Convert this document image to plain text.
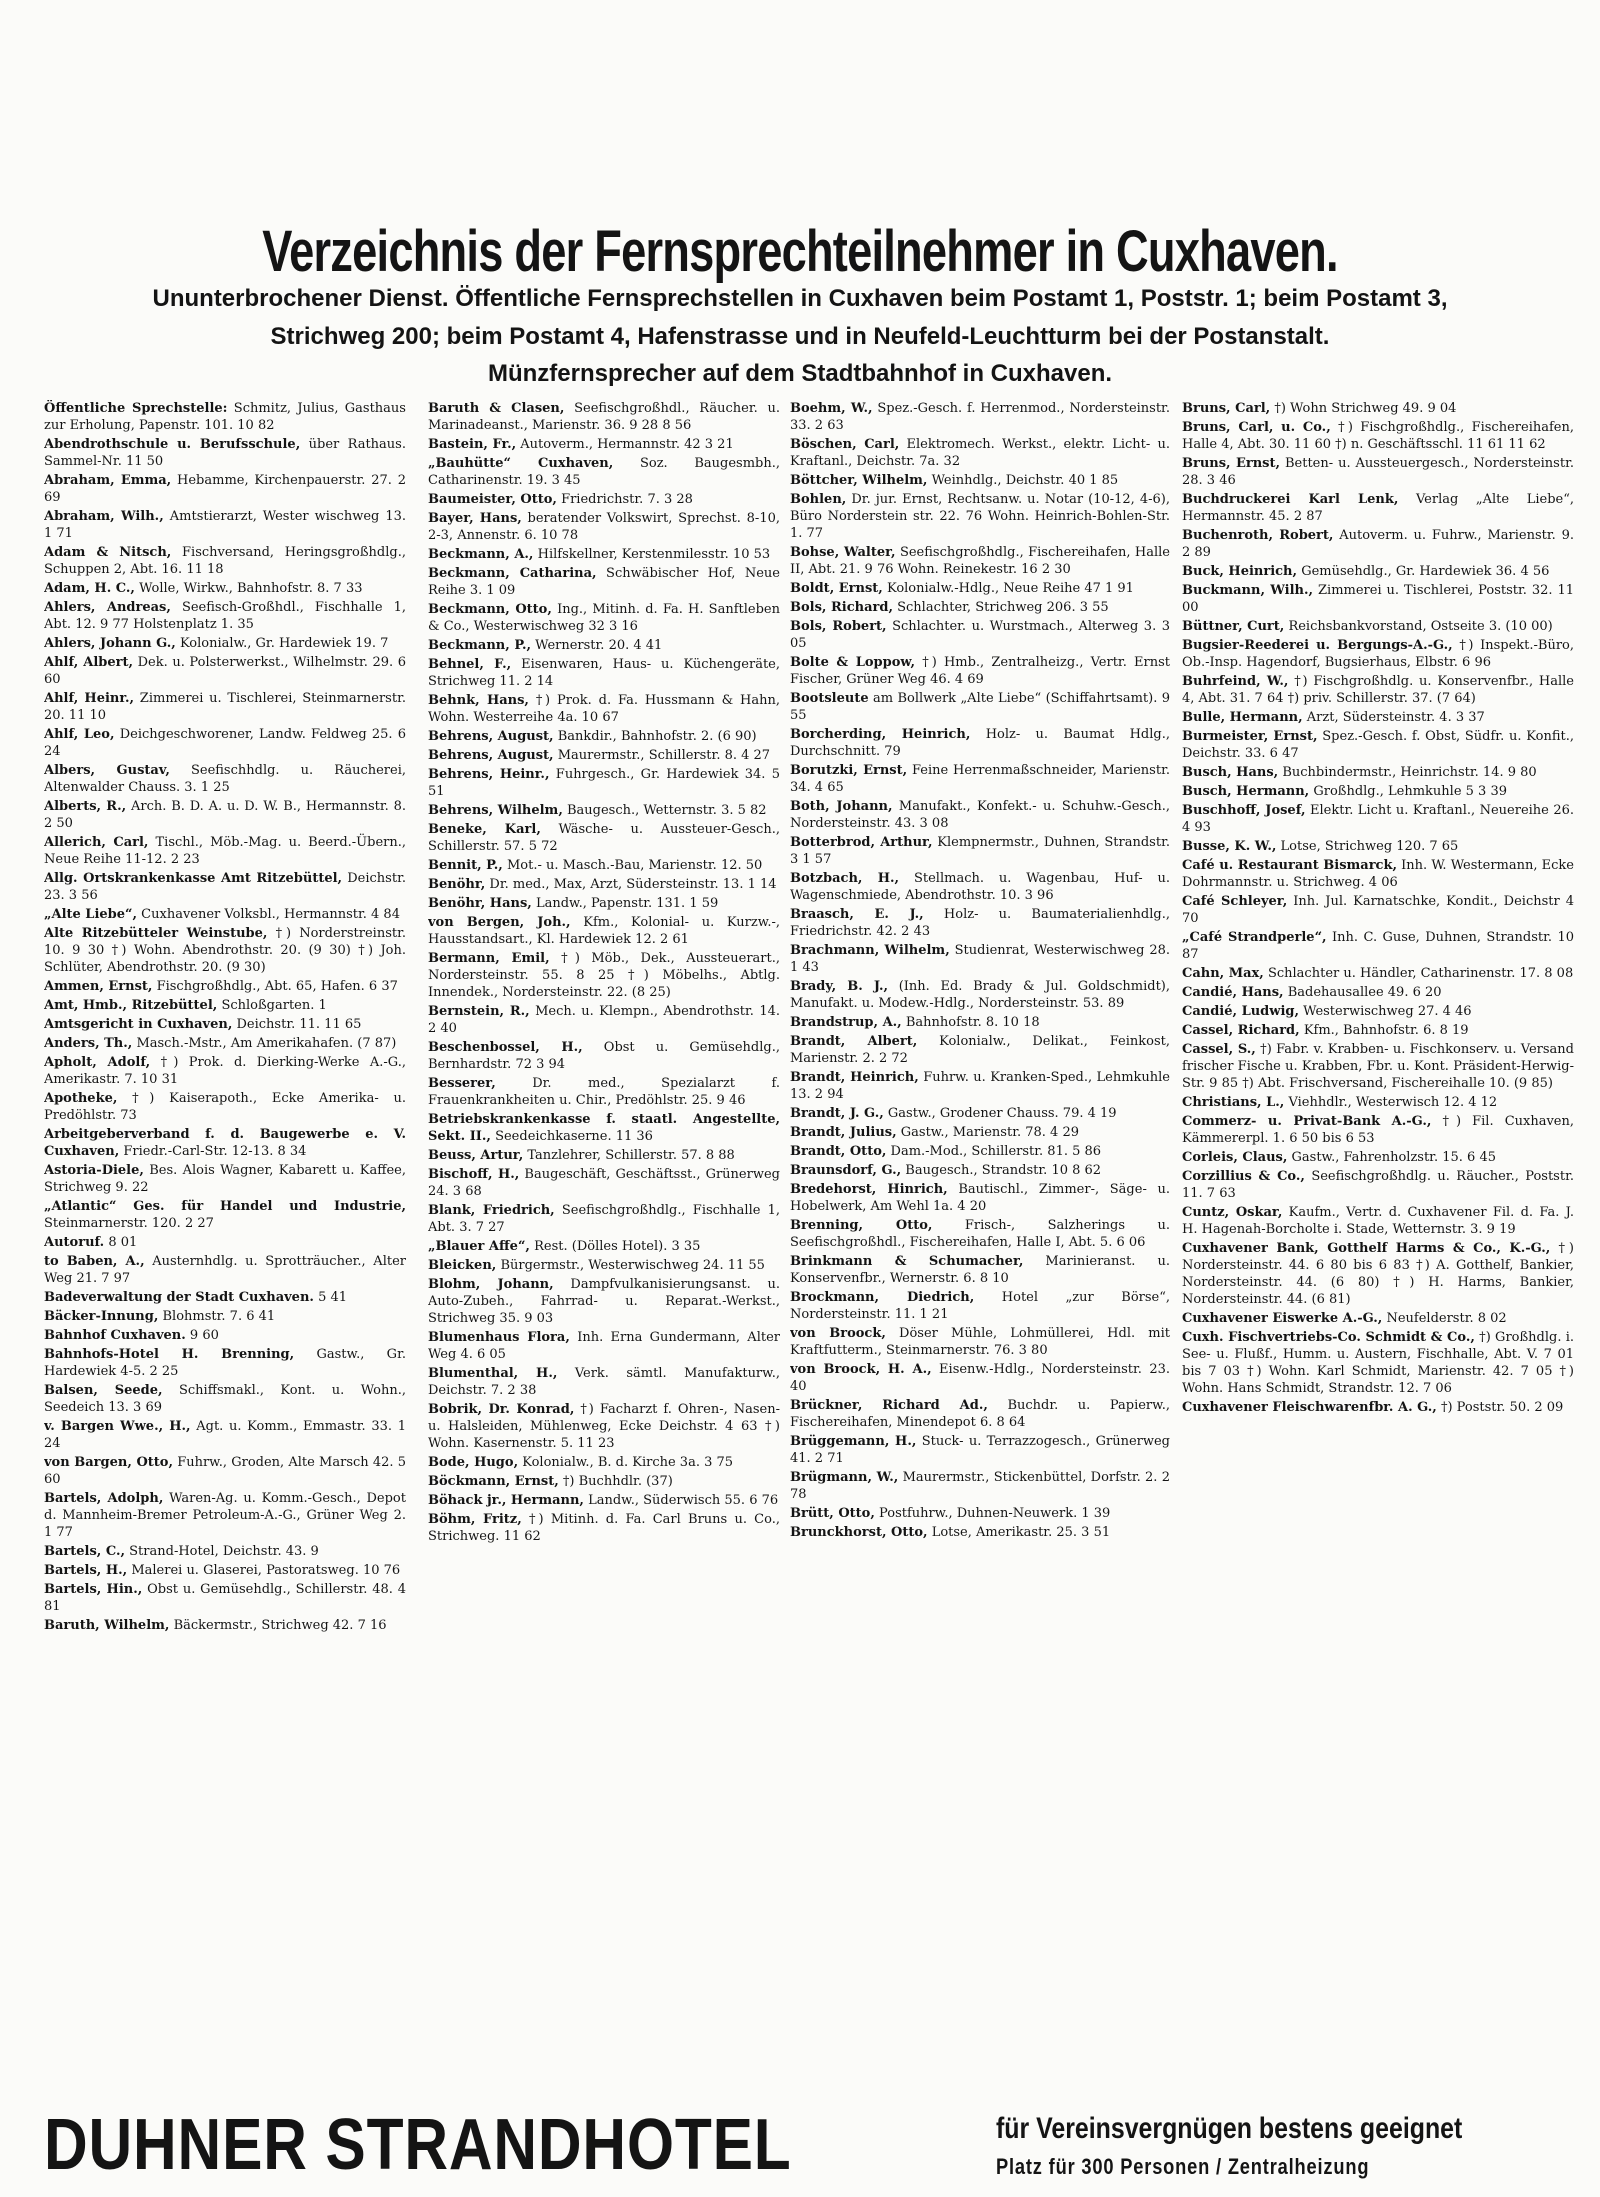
Verzeichnis der Fernsprechteilnehmer in Cuxhaven.
Ununterbrochener Dienst. Öffentliche Fernsprechstellen in Cuxhaven beim Postamt 1, Poststr. 1; beim Postamt 3,
Strichweg 200; beim Postamt 4, Hafenstrasse und in Neufeld-Leuchtturm bei der Postanstalt.
Münzfernsprecher auf dem Stadtbahnhof in Cuxhaven.

Öffentliche Sprechstelle: Schmitz, Julius, Gasthaus zur Erholung, Papenstr. 101. 10 82

Abendrothschule u. Berufsschule, über Rathaus. Sammel-Nr. 11 50

Abraham, Emma, Hebamme, Kirchenpauerstr. 27. 2 69

Abraham, Wilh., Amtstierarzt, Wester wischweg 13. 1 71

Adam & Nitsch, Fischversand, Heringsgroßhdlg., Schuppen 2, Abt. 16. 11 18

Adam, H. C., Wolle, Wirkw., Bahnhofstr. 8. 7 33

Ahlers, Andreas, Seefisch-Großhdl., Fischhalle 1, Abt. 12. 9 77 Holstenplatz 1. 35

Ahlers, Johann G., Kolonialw., Gr. Hardewiek 19. 7

Ahlf, Albert, Dek. u. Polsterwerkst., Wilhelmstr. 29. 6 60

Ahlf, Heinr., Zimmerei u. Tischlerei, Steinmarnerstr. 20. 11 10

Ahlf, Leo, Deichgeschworener, Landw. Feldweg 25. 6 24

Albers, Gustav, Seefischhdlg. u. Räucherei, Altenwalder Chauss. 3. 1 25

Alberts, R., Arch. B. D. A. u. D. W. B., Hermannstr. 8. 2 50

Allerich, Carl, Tischl., Möb.-Mag. u. Beerd.-Übern., Neue Reihe 11-12. 2 23

Allg. Ortskrankenkasse Amt Ritzebüttel, Deichstr. 23. 3 56

„Alte Liebe“, Cuxhavener Volksbl., Hermannstr. 4 84

Alte Ritzebütteler Weinstube, †) Norderstreinstr. 10. 9 30 †) Wohn. Abendrothstr. 20. (9 30) †) Joh. Schlüter, Abendrothstr. 20. (9 30)

Ammen, Ernst, Fischgroßhdlg., Abt. 65, Hafen. 6 37

Amt, Hmb., Ritzebüttel, Schloßgarten. 1

Amtsgericht in Cuxhaven, Deichstr. 11. 11 65

Anders, Th., Masch.-Mstr., Am Amerikahafen. (7 87)

Apholt, Adolf, †) Prok. d. Dierking-Werke A.-G., Amerikastr. 7. 10 31

Apotheke, †) Kaiserapoth., Ecke Amerika- u. Predöhlstr. 73

Arbeitgeberverband f. d. Baugewerbe e. V. Cuxhaven, Friedr.-Carl-Str. 12-13. 8 34

Astoria-Diele, Bes. Alois Wagner, Kabarett u. Kaffee, Strichweg 9. 22

„Atlantic“ Ges. für Handel und Industrie, Steinmarnerstr. 120. 2 27

Autoruf. 8 01

to Baben, A., Austernhdlg. u. Sprotträucher., Alter Weg 21. 7 97

Badeverwaltung der Stadt Cuxhaven. 5 41

Bäcker-Innung, Blohmstr. 7. 6 41

Bahnhof Cuxhaven. 9 60

Bahnhofs-Hotel H. Brenning, Gastw., Gr. Hardewiek 4-5. 2 25

Balsen, Seede, Schiffsmakl., Kont. u. Wohn., Seedeich 13. 3 69

v. Bargen Wwe., H., Agt. u. Komm., Emmastr. 33. 1 24

von Bargen, Otto, Fuhrw., Groden, Alte Marsch 42. 5 60

Bartels, Adolph, Waren-Ag. u. Komm.-Gesch., Depot d. Mannheim-Bremer Petroleum-A.-G., Grüner Weg 2. 1 77

Bartels, C., Strand-Hotel, Deichstr. 43. 9

Bartels, H., Malerei u. Glaserei, Pastoratsweg. 10 76

Bartels, Hin., Obst u. Gemüsehdlg., Schillerstr. 48. 4 81

Baruth, Wilhelm, Bäckermstr., Strichweg 42. 7 16

Baruth & Clasen, Seefischgroßhdl., Räucher. u. Marinadeanst., Marienstr. 36. 9 28 8 56

Bastein, Fr., Autoverm., Hermannstr. 42 3 21

„Bauhütte“ Cuxhaven, Soz. Baugesmbh., Catharinenstr. 19. 3 45

Baumeister, Otto, Friedrichstr. 7. 3 28

Bayer, Hans, beratender Volkswirt, Sprechst. 8-10, 2-3, Annenstr. 6. 10 78

Beckmann, A., Hilfskellner, Kerstenmilesstr. 10 53

Beckmann, Catharina, Schwäbischer Hof, Neue Reihe 3. 1 09

Beckmann, Otto, Ing., Mitinh. d. Fa. H. Sanftleben & Co., Westerwischweg 32 3 16

Beckmann, P., Wernerstr. 20. 4 41

Behnel, F., Eisenwaren, Haus- u. Küchengeräte, Strichweg 11. 2 14

Behnk, Hans, †) Prok. d. Fa. Hussmann & Hahn, Wohn. Westerreihe 4a. 10 67

Behrens, August, Bankdir., Bahnhofstr. 2. (6 90)

Behrens, August, Maurermstr., Schillerstr. 8. 4 27

Behrens, Heinr., Fuhrgesch., Gr. Hardewiek 34. 5 51

Behrens, Wilhelm, Baugesch., Wetternstr. 3. 5 82

Beneke, Karl, Wäsche- u. Aussteuer-Gesch., Schillerstr. 57. 5 72

Bennit, P., Mot.- u. Masch.-Bau, Marienstr. 12. 50

Benöhr, Dr. med., Max, Arzt, Südersteinstr. 13. 1 14

Benöhr, Hans, Landw., Papenstr. 131. 1 59

von Bergen, Joh., Kfm., Kolonial- u. Kurzw.-, Hausstandsart., Kl. Hardewiek 12. 2 61

Bermann, Emil, †) Möb., Dek., Aussteuerart., Nordersteinstr. 55. 8 25 †) Möbelhs., Abtlg. Innendek., Nordersteinstr. 22. (8 25)

Bernstein, R., Mech. u. Klempn., Abendrothstr. 14. 2 40

Beschenbossel, H., Obst u. Gemüsehdlg., Bernhardstr. 72 3 94

Besserer,	Dr. med., Spezialarzt f. Frauenkrankheiten u. Chir., Predöhlstr. 25. 9 46

Betriebskrankenkasse f. staatl. Angestellte, Sekt. II., Seedeichkaserne. 11 36

Beuss, Artur, Tanzlehrer, Schillerstr. 57. 8 88

Bischoff, H., Baugeschäft, Geschäftsst., Grünerweg 24. 3 68

Blank, Friedrich, Seefischgroßhdlg., Fischhalle 1, Abt. 3. 7 27

„Blauer Affe“, Rest. (Dölles Hotel). 3 35

Bleicken, Bürgermstr., Westerwischweg 24. 11 55

Blohm, Johann, Dampfvulkanisierungsanst. u. Auto-Zubeh., Fahrrad- u. Reparat.-Werkst., Strichweg 35. 9 03

Blumenhaus Flora, Inh. Erna Gundermann, Alter Weg 4. 6 05

Blumenthal, H., Verk. sämtl. Manufakturw., Deichstr. 7. 2 38

Bobrik, Dr. Konrad, †) Facharzt f. Ohren-, Nasen- u. Halsleiden, Mühlenweg, Ecke Deichstr. 4 63 †) Wohn. Kasernenstr. 5. 11 23

Bode, Hugo, Kolonialw., B. d. Kirche 3a. 3 75

Böckmann, Ernst, †) Buchhdlr. (37)

Böhack jr., Hermann, Landw., Süderwisch 55. 6 76

Böhm, Fritz, †) Mitinh. d. Fa. Carl Bruns u. Co., Strichweg. 11 62

Boehm, W., Spez.-Gesch. f. Herrenmod., Nordersteinstr. 33. 2 63

Böschen, Carl, Elektromech. Werkst., elektr. Licht- u. Kraftanl., Deichstr. 7a. 32

Böttcher, Wilhelm, Weinhdlg., Deichstr. 40 1 85

Bohlen, Dr. jur. Ernst, Rechtsanw. u. Notar (10-12, 4-6), Büro Norderstein str. 22. 76 Wohn. Heinrich-Bohlen-Str. 1. 77

Bohse, Walter, Seefischgroßhdlg., Fischereihafen, Halle II, Abt. 21. 9 76 Wohn. Reinekestr. 16 2 30

Boldt, Ernst, Kolonialw.-Hdlg., Neue Reihe 47 1 91

Bols, Richard, Schlachter, Strichweg 206. 3 55

Bols, Robert, Schlachter. u. Wurstmach., Alterweg 3. 3 05

Bolte & Loppow, †) Hmb., Zentralheizg., Vertr. Ernst Fischer, Grüner Weg 46. 4 69

Bootsleute am Bollwerk „Alte Liebe“ (Schiffahrtsamt). 9 55

Borcherding, Heinrich, Holz- u. Baumat Hdlg., Durchschnitt. 79

Borutzki, Ernst, Feine Herrenmaßschneider, Marienstr. 34. 4 65

Both, Johann, Manufakt., Konfekt.- u. Schuhw.-Gesch., Nordersteinstr. 43. 3 08

Botterbrod, Arthur, Klempnermstr., Duhnen, Strandstr. 3 1 57

Botzbach, H., Stellmach. u. Wagenbau, Huf- u. Wagenschmiede, Abendrothstr. 10. 3 96

Braasch, E. J., Holz- u. Baumaterialienhdlg., Friedrichstr. 42. 2 43

Brachmann, Wilhelm, Studienrat, Westerwischweg 28. 1 43

Brady, B. J., (Inh. Ed. Brady & Jul. Goldschmidt), Manufakt. u. Modew.-Hdlg., Nordersteinstr. 53. 89

Brandstrup, A., Bahnhofstr. 8. 10 18

Brandt, Albert, Kolonialw., Delikat., Feinkost, Marienstr. 2. 2 72

Brandt, Heinrich, Fuhrw. u. Kranken-Sped., Lehmkuhle 13. 2 94

Brandt, J. G., Gastw., Grodener Chauss. 79. 4 19

Brandt, Julius, Gastw., Marienstr. 78. 4 29

Brandt, Otto, Dam.-Mod., Schillerstr. 81. 5 86

Braunsdorf, G., Baugesch., Strandstr. 10 8 62

Bredehorst, Hinrich, Bautischl., Zimmer-, Säge- u. Hobelwerk, Am Wehl 1a. 4 20

Brenning, Otto, Frisch-, Salzherings u. Seefischgroßhdl., Fischereihafen, Halle I, Abt. 5. 6 06

Brinkmann & Schumacher, Marinieranst. u. Konservenfbr., Wernerstr. 6. 8 10

Brockmann, Diedrich, Hotel „zur Börse“, Nordersteinstr. 11. 1 21

von Broock, Döser Mühle, Lohmüllerei, Hdl. mit Kraftfutterm., Steinmarnerstr. 76. 3 80

von Broock, H. A., Eisenw.-Hdlg., Nordersteinstr. 23. 40

Brückner, Richard Ad., Buchdr. u. Papierw., Fischereihafen, Minendepot 6. 8 64

Brüggemann, H., Stuck- u. Terrazzogesch., Grünerweg 41. 2 71

Brügmann, W., Maurermstr., Stickenbüttel, Dorfstr. 2. 2 78

Brütt, Otto, Postfuhrw., Duhnen-Neuwerk. 1 39

Brunckhorst, Otto, Lotse, Amerikastr. 25. 3 51

Bruns, Carl, †) Wohn Strichweg 49. 9 04

Bruns, Carl, u. Co., †) Fischgroßhdlg., Fischereihafen, Halle 4, Abt. 30. 11 60 †) n. Geschäftsschl. 11 61 11 62

Bruns, Ernst, Betten- u. Aussteuergesch., Nordersteinstr. 28. 3 46

Buchdruckerei Karl Lenk, Verlag „Alte Liebe“, Hermannstr. 45. 2 87

Buchenroth, Robert, Autoverm. u. Fuhrw., Marienstr. 9. 2 89

Buck, Heinrich, Gemüsehdlg., Gr. Hardewiek 36. 4 56

Buckmann, Wilh., Zimmerei u. Tischlerei, Poststr. 32. 11 00

Büttner, Curt, Reichsbankvorstand, Ostseite 3. (10 00)

Bugsier-Reederei u. Bergungs-A.-G., †) Inspekt.-Büro, Ob.-Insp. Hagendorf, Bugsierhaus, Elbstr. 6 96

Buhrfeind, W., †) Fischgroßhdlg. u. Konservenfbr., Halle 4, Abt. 31. 7 64 †) priv. Schillerstr. 37. (7 64)

Bulle, Hermann, Arzt, Südersteinstr. 4. 3 37

Burmeister, Ernst, Spez.-Gesch. f. Obst, Südfr. u. Konfit., Deichstr. 33. 6 47

Busch, Hans, Buchbindermstr., Heinrichstr. 14. 9 80

Busch, Hermann, Großhdlg., Lehmkuhle 5 3 39

Buschhoff, Josef, Elektr. Licht u. Kraftanl., Neuereihe 26. 4 93

Busse, K. W., Lotse, Strichweg 120. 7 65

Café u. Restaurant Bismarck, Inh. W. Westermann, Ecke Dohrmannstr. u. Strichweg. 4 06

Café Schleyer, Inh. Jul. Karnatschke, Kondit., Deichstr 4 70

„Café Strandperle“, Inh. C. Guse, Duhnen, Strandstr. 10 87

Cahn, Max, Schlachter u. Händler, Catharinenstr. 17. 8 08

Candié, Hans, Badehausallee 49. 6 20

Candié, Ludwig, Westerwischweg 27. 4 46

Cassel, Richard, Kfm., Bahnhofstr. 6. 8 19

Cassel, S., †) Fabr. v. Krabben- u. Fischkonserv. u. Versand frischer Fische u. Krabben, Fbr. u. Kont. Präsident-Herwig-Str. 9 85 †) Abt. Frischversand, Fischereihalle 10. (9 85)

Christians, L., Viehhdlr., Westerwisch 12. 4 12

Commerz- u. Privat-Bank A.-G., †) Fil. Cuxhaven, Kämmererpl. 1. 6 50 bis 6 53

Corleis, Claus, Gastw., Fahrenholzstr. 15. 6 45

Corzillius & Co., Seefischgroßhdlg. u. Räucher., Poststr. 11. 7 63

Cuntz, Oskar, Kaufm., Vertr. d. Cuxhavener Fil. d. Fa. J. H. Hagenah-Borcholte i. Stade, Wetternstr. 3. 9 19

Cuxhavener Bank, Gotthelf Harms & Co., K.-G., †) Nordersteinstr. 44. 6 80 bis 6 83 †) A. Gotthelf, Bankier, Nordersteinstr. 44. (6 80) †) H. Harms, Bankier, Nordersteinstr. 44. (6 81)

Cuxhavener Eiswerke A.-G., Neufelderstr. 8 02

Cuxh. Fischvertriebs-Co. Schmidt & Co., †) Großhdlg. i. See- u. Flußf., Humm. u. Austern, Fischhalle, Abt. V. 7 01 bis 7 03 †) Wohn. Karl Schmidt, Marienstr. 42. 7 05 †) Wohn. Hans Schmidt, Strandstr. 12. 7 06

Cuxhavener Fleischwarenfbr. A. G., †) Poststr. 50. 2 09

DUHNER STRANDHOTEL	für Vereinsvergnügen bestens geeignet
Platz für 300 Personen / Zentralheizung
